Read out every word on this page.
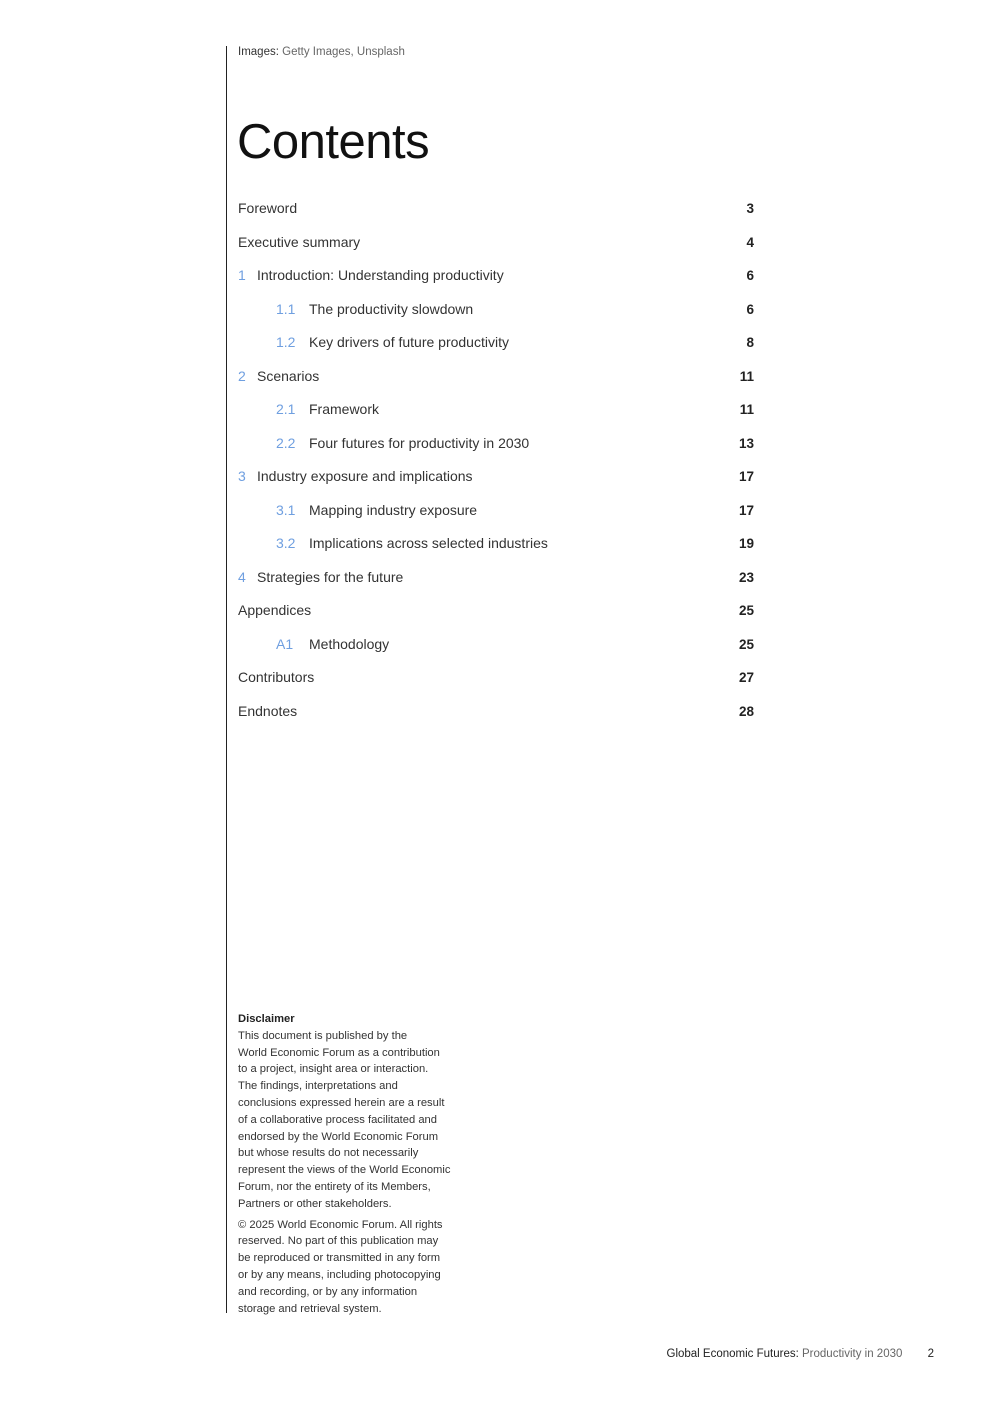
Images: Getty Images, Unsplash
Contents
Foreword	3
Executive summary	4
1 Introduction: Understanding productivity	6
1.1 The productivity slowdown	6
1.2 Key drivers of future productivity	8
2 Scenarios	11
2.1 Framework	11
2.2 Four futures for productivity in 2030	13
3 Industry exposure and implications	17
3.1 Mapping industry exposure	17
3.2 Implications across selected industries	19
4 Strategies for the future	23
Appendices	25
A1 Methodology	25
Contributors	27
Endnotes	28
Disclaimer

This document is published by the
World Economic Forum as a contribution
to a project, insight area or interaction.
The findings, interpretations and
conclusions expressed herein are a result
of a collaborative process facilitated and
endorsed by the World Economic Forum
but whose results do not necessarily
represent the views of the World Economic
Forum, nor the entirety of its Members,
Partners or other stakeholders.

© 2025 World Economic Forum. All rights
reserved. No part of this publication may
be reproduced or transmitted in any form
or by any means, including photocopying
and recording, or by any information
storage and retrieval system.

Global Economic Futures: Productivity in 2030 2
